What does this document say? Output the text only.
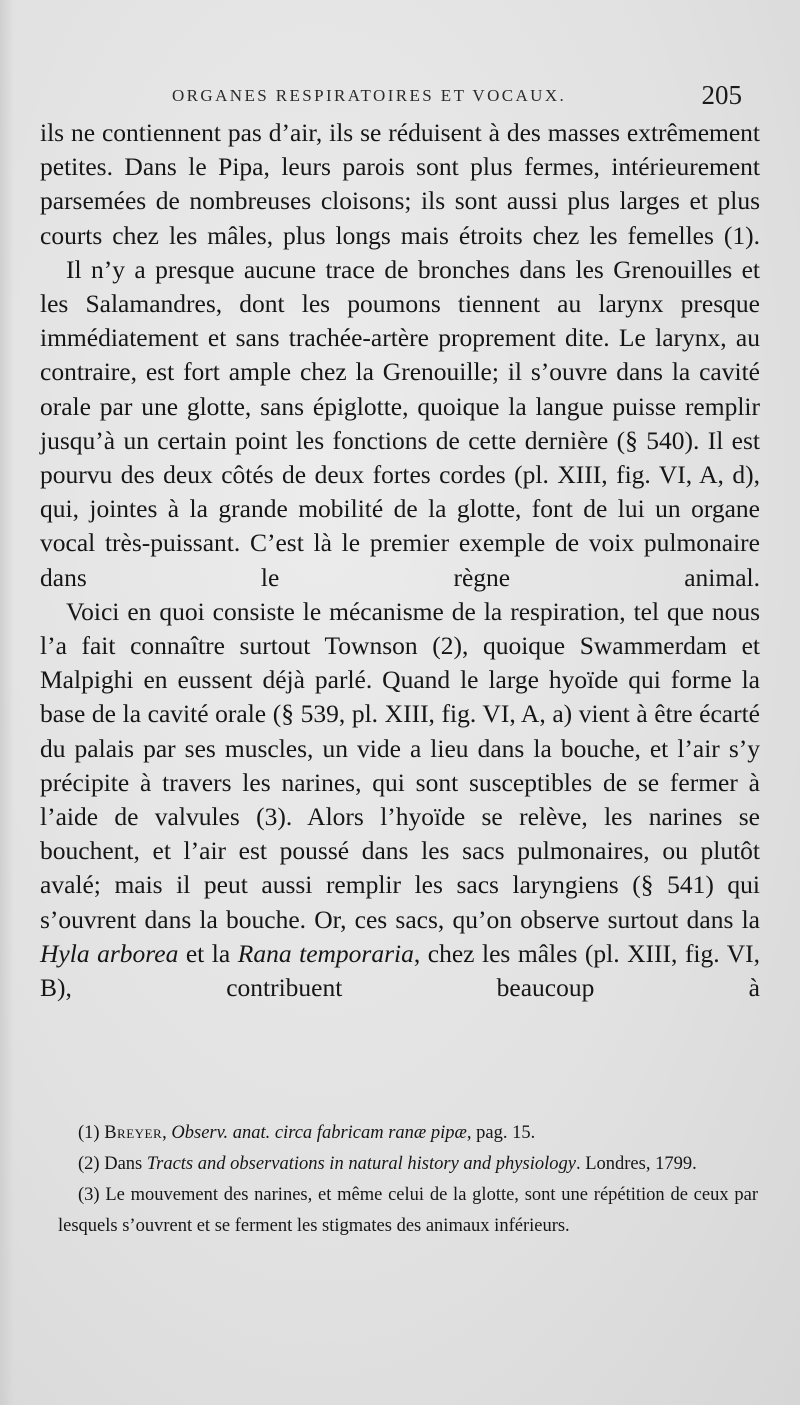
ORGANES RESPIRATOIRES ET VOCAUX.	205

ils ne contiennent pas d’air, ils se réduisent à des masses extrêmement petites. Dans le Pipa, leurs parois sont plus fermes, intérieurement parsemées de nombreuses cloisons; ils sont aussi plus larges et plus courts chez les mâles, plus longs mais étroits chez les femelles (1).

Il n’y a presque aucune trace de bronches dans les Grenouilles et les Salamandres, dont les poumons tiennent au larynx presque immédiatement et sans trachée-artère proprement dite. Le larynx, au contraire, est fort ample chez la Grenouille; il s’ouvre dans la cavité orale par une glotte, sans épiglotte, quoique la langue puisse remplir jusqu’à un certain point les fonctions de cette dernière (§ 540). Il est pourvu des deux côtés de deux fortes cordes (pl. XIII, fig. VI, A, d), qui, jointes à la grande mobilité de la glotte, font de lui un organe vocal très-puissant. C’est là le premier exemple de voix pulmonaire dans le règne animal.

Voici en quoi consiste le mécanisme de la respiration, tel que nous l’a fait connaître surtout Townson (2), quoique Swammerdam et Malpighi en eussent déjà parlé. Quand le large hyoïde qui forme la base de la cavité orale (§ 539, pl. XIII, fig. VI, A, a) vient à être écarté du palais par ses muscles, un vide a lieu dans la bouche, et l’air s’y précipite à travers les narines, qui sont susceptibles de se fermer à l’aide de valvules (3). Alors l’hyoïde se relève, les narines se bouchent, et l’air est poussé dans les sacs pulmonaires, ou plutôt avalé; mais il peut aussi remplir les sacs laryngiens (§ 541) qui s’ouvrent dans la bouche. Or, ces sacs, qu’on observe surtout dans la Hyla arborea et la Rana temporaria, chez les mâles (pl. XIII, fig. VI, B), contribuent beaucoup à

(1) Breyer, Observ. anat. circa fabricam ranæ pipæ, pag. 15.

(2) Dans Tracts and observations in natural history and physiology. Londres, 1799.

(3) Le mouvement des narines, et même celui de la glotte, sont une répétition de ceux par lesquels s’ouvrent et se ferment les stigmates des animaux inférieurs.
